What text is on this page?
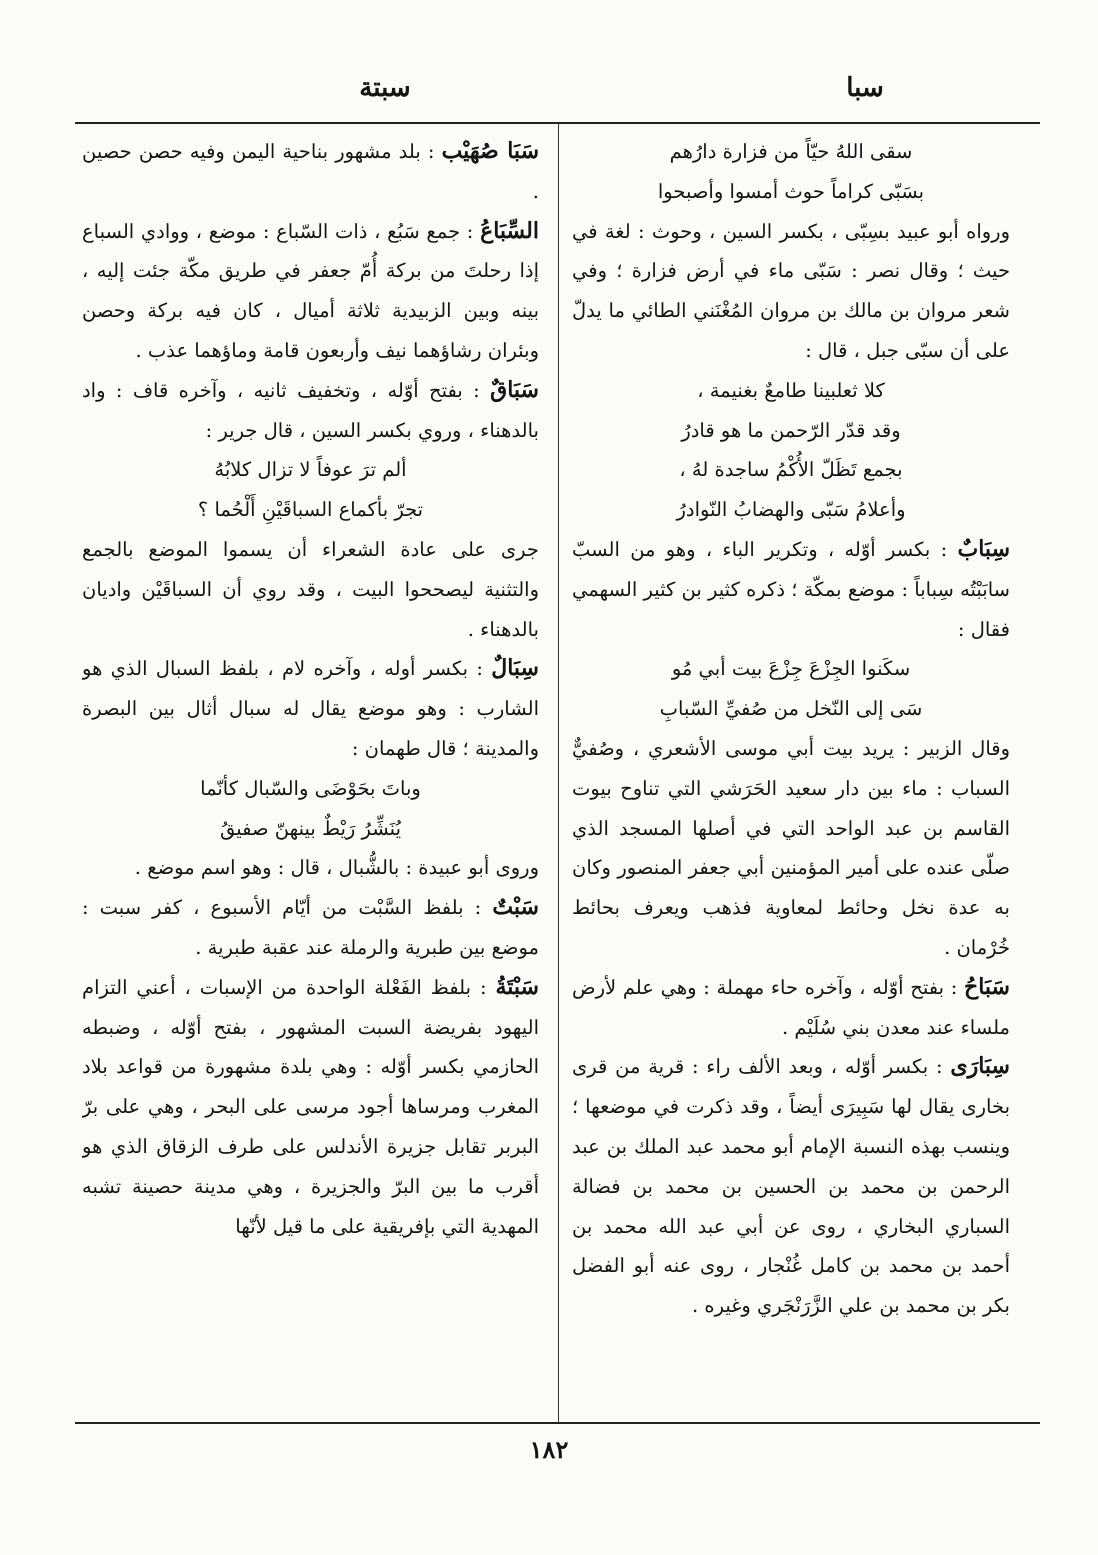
سبا
سبتة

سقى اللهُ حيّاً من فزارة دارُهم

بسَبّى كراماً حوث أمسوا وأصبحوا

ورواه أبو عبيد بسِبّى ، بكسر السين ، وحوث : لغة في حيث ؛ وقال نصر : سَبّى ماء في أرض فزارة ؛ وفي شعر مروان بن مالك بن مروان المُغْنَني الطائي ما يدلّ على أن سبّى جبل ، قال :

كلا ثعلبينا طامعٌ بغنيمة ،

وقد قدّر الرّحمن ما هو قادرُ

بجمع تَظَلّ الأُكْمُ ساجدة لهُ ،

وأعلامُ سَبّى والهضابُ النّوادرُ

سِبَابٌ : بكسر أوّله ، وتكرير الباء ، وهو من السبّ سابَبْتُه سِباباً : موضع بمكّة ؛ ذكره كثير بن كثير السهمي فقال :

سكَنوا الجِزْعَ جِزْعَ بيت أبي مُو

سَى إلى النّخل من صُفيِّ السّبابِ

وقال الزبير : يريد بيت أبي موسى الأشعري ، وصُفيٌّ السباب : ماء بين دار سعيد الحَرَشي التي تناوح بيوت القاسم بن عبد الواحد التي في أصلها المسجد الذي صلّى عنده على أمير المؤمنين أبي جعفر المنصور وكان به عدة نخل وحائط لمعاوية فذهب ويعرف بحائط خُرْمان .

سَبَاحُ : بفتح أوّله ، وآخره حاء مهملة : وهي علم لأرض ملساء عند معدن بني سُلَيْم .

سِبَارَى : بكسر أوّله ، وبعد الألف راء : قرية من قرى بخارى يقال لها سَبِيرَى أيضاً ، وقد ذكرت في موضعها ؛ وينسب بهذه النسبة الإمام أبو محمد عبد الملك بن عبد الرحمن بن محمد بن الحسين بن محمد بن فضالة السباري البخاري ، روى عن أبي عبد الله محمد بن أحمد بن محمد بن كامل غُنْجار ، روى عنه أبو الفضل بكر بن محمد بن علي الزَّرَنْجَري وغيره .

سَبَا صُهَيْب : بلد مشهور بناحية اليمن وفيه حصن حصين .

السِّبَاعُ : جمع سَبُع ، ذات السّباع : موضع ، ووادي السباع إذا رحلتَ من بركة أُمّ جعفر في طريق مكّة جئت إليه ، بينه وبين الزبيدية ثلاثة أميال ، كان فيه بركة وحصن وبئران رشاؤهما نيف وأربعون قامة وماؤهما عذب .

سَبَاقٌ : بفتح أوّله ، وتخفيف ثانيه ، وآخره قاف : واد بالدهناء ، وروي بكسر السين ، قال جرير :

ألم ترَ عوفاً لا تزال كلابُهُ

تجرّ بأكماع السباقَيْنِ أَلْحُما ؟

جرى على عادة الشعراء أن يسموا الموضع بالجمع والتثنية ليصححوا البيت ، وقد روي أن السباقَيْن واديان بالدهناء .

سِبَالٌ : بكسر أوله ، وآخره لام ، بلفظ السبال الذي هو الشارب : وهو موضع يقال له سبال أثال بين البصرة والمدينة ؛ قال طهمان :

وباتَ بحَوْضَى والسّبال كأنّما

يُنَشِّرُ رَيْطٌ بينهنّ صفيقُ

وروى أبو عبيدة : بالشُّبال ، قال : وهو اسم موضع .

سَبْتٌ : بلفظ السَّبْت من أيّام الأسبوع ، كفر سبت : موضع بين طبرية والرملة عند عقبة طبرية .

سَبْتَةُ : بلفظ الفَعْلة الواحدة من الإسبات ، أعني التزام اليهود بفريضة السبت المشهور ، بفتح أوّله ، وضبطه الحازمي بكسر أوّله : وهي بلدة مشهورة من قواعد بلاد المغرب ومرساها أجود مرسى على البحر ، وهي على برّ البربر تقابل جزيرة الأندلس على طرف الزقاق الذي هو أقرب ما بين البرّ والجزيرة ، وهي مدينة حصينة تشبه المهدية التي بإفريقية على ما قيل لأنّها

١٨٢
